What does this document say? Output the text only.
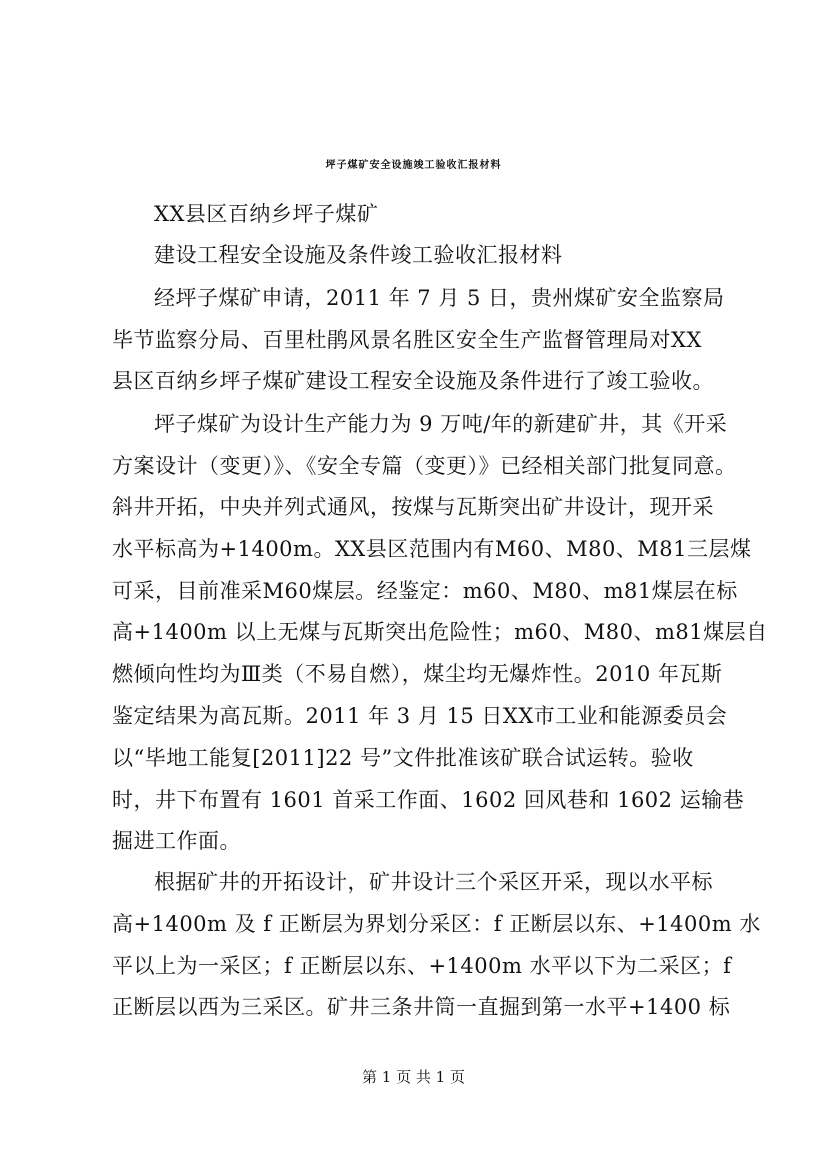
坪子煤矿安全设施竣工验收汇报材料
XX县区百纳乡坪子煤矿
建设工程安全设施及条件竣工验收汇报材料
经坪子煤矿申请，2011 年 7 月 5 日，贵州煤矿安全监察局
毕节监察分局、百里杜鹃风景名胜区安全生产监督管理局对XX
县区百纳乡坪子煤矿建设工程安全设施及条件进行了竣工验收。
坪子煤矿为设计生产能力为 9 万吨/年的新建矿井，其《开采
方案设计（变更）》、《安全专篇（变更）》已经相关部门批复同意。
斜井开拓，中央并列式通风，按煤与瓦斯突出矿井设计，现开采
水平标高为+1400m。XX县区范围内有M60、M80、M81三层煤
可采，目前准采M60煤层。经鉴定：m60、M80、m81煤层在标
高+1400m 以上无煤与瓦斯突出危险性；m60、M80、m81煤层自
燃倾向性均为Ⅲ类（不易自燃），煤尘均无爆炸性。2010 年瓦斯
鉴定结果为高瓦斯。2011 年 3 月 15 日XX市工业和能源委员会
以“毕地工能复[2011]22 号”文件批准该矿联合试运转。验收
时，井下布置有 1601 首采工作面、1602 回风巷和 1602 运输巷
掘进工作面。
根据矿井的开拓设计，矿井设计三个采区开采，现以水平标
高+1400m 及 f 正断层为界划分采区：f 正断层以东、+1400m 水
平以上为一采区；f 正断层以东、+1400m 水平以下为二采区；f
正断层以西为三采区。矿井三条井筒一直掘到第一水平+1400 标
第 1 页 共 1 页
